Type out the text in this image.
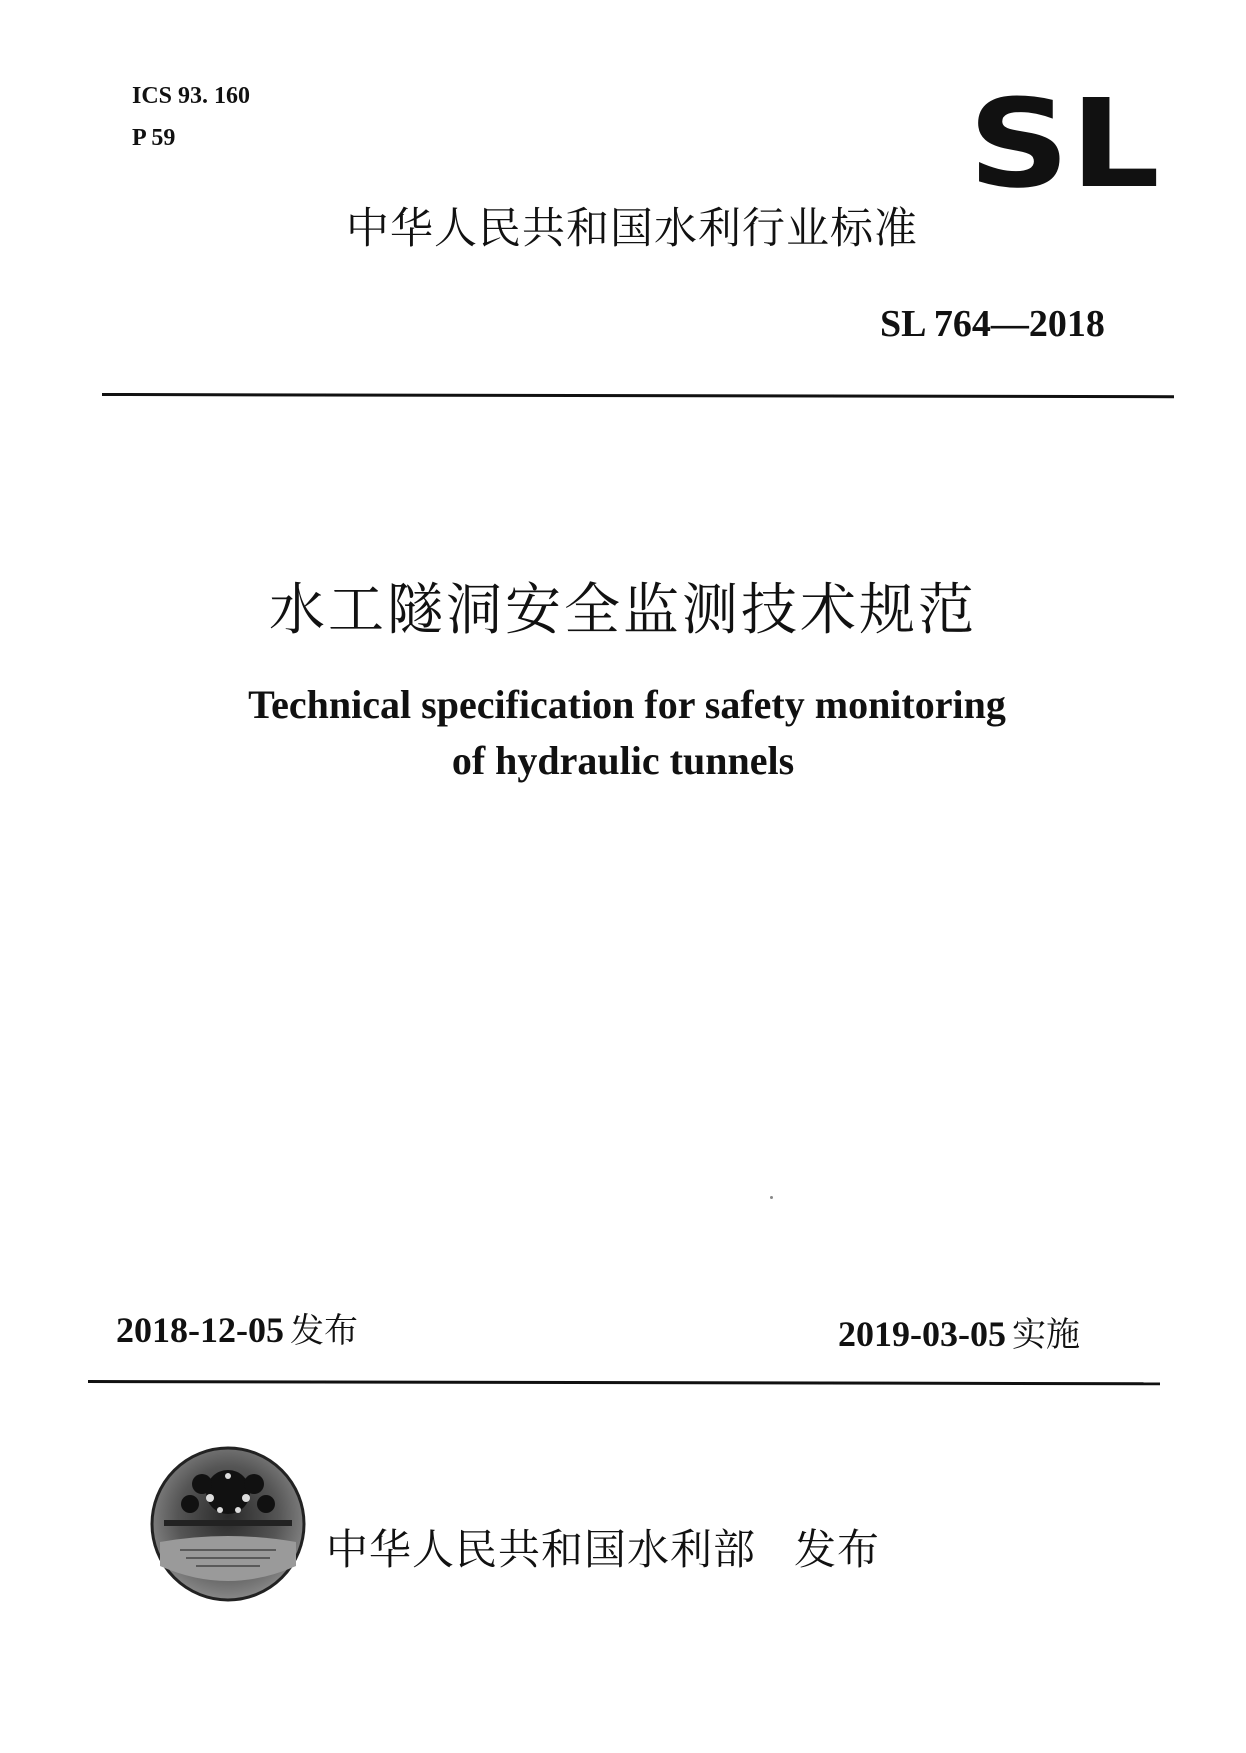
ICS 93. 160
P 59	SL
中华人民共和国水利行业标准
SL 764—2018
水工隧洞安全监测技术规范
Technical specification for safety monitoring
of hydraulic tunnels
2018-12-05 发布	2019-03-05 实施
中华人民共和国水利部 发布
